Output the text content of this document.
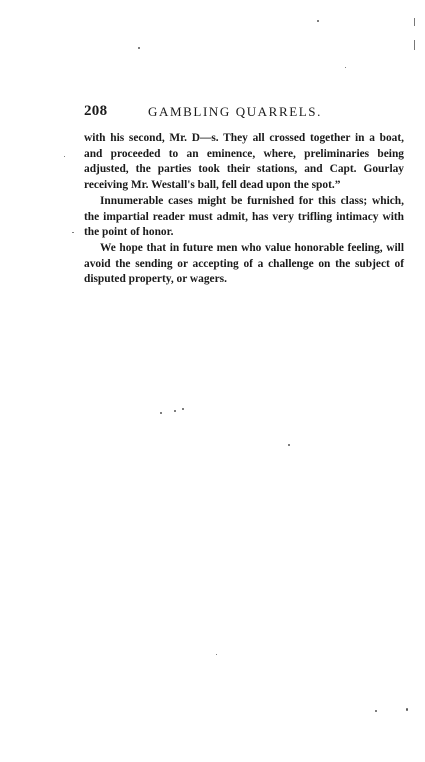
208	GAMBLING QUARRELS.

with his second, Mr. D—s. They all crossed together in a boat, and proceeded to an eminence, where, preliminaries being adjusted, the parties took their stations, and Capt. Gourlay receiving Mr. Westall's ball, fell dead upon the spot.”

Innumerable cases might be furnished for this class; which, the impartial reader must admit, has very trifling intimacy with the point of honor.

We hope that in future men who value honorable feeling, will avoid the sending or accepting of a challenge on the subject of disputed property, or wagers.
